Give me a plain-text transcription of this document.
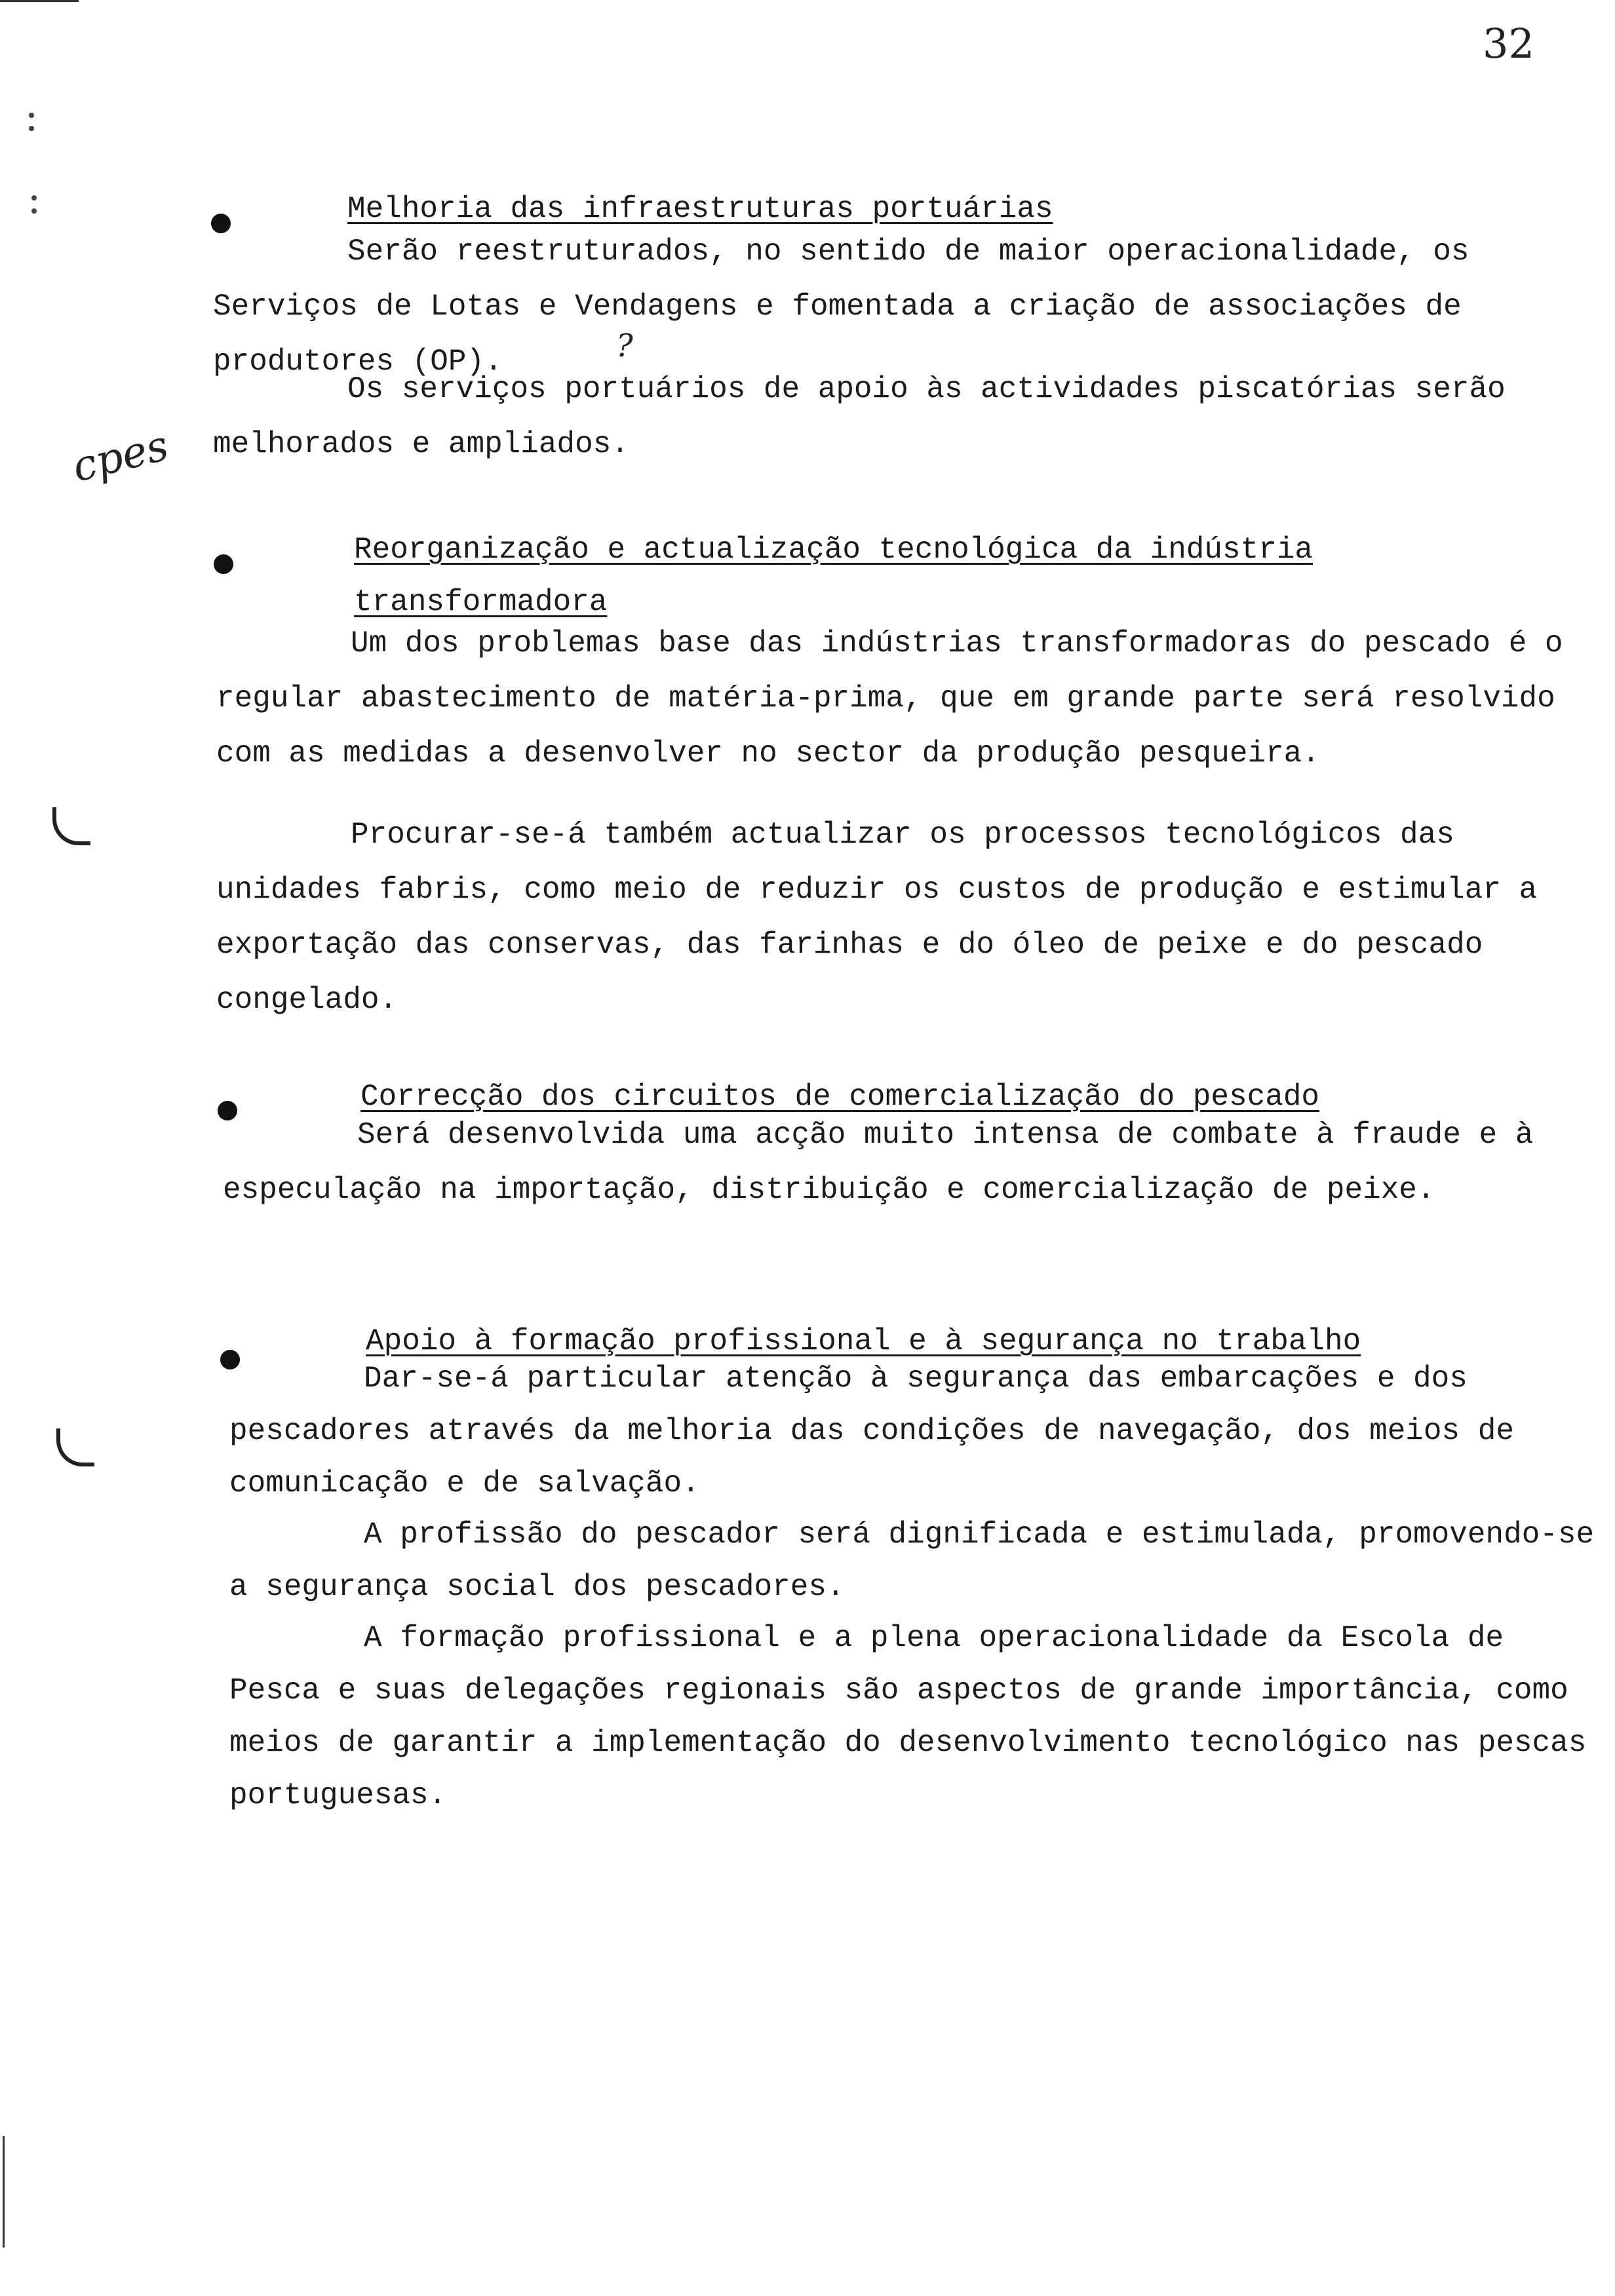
32
Melhoria das infraestruturas portuárias
Serão reestruturados, no sentido de maior operacionalidade, os Serviços de Lotas e Vendagens e fomentada a criação de associações de produtores (OP).	?
Os serviços portuários de apoio às actividades piscatórias serão melhorados e ampliados.
cpes
Reorganização e actualização tecnológica da indústria
transformadora
Um dos problemas base das indústrias transformadoras do pescado é o regular abastecimento de matéria-prima, que em grande parte será resolvido com as medidas a desenvolver no sector da produção pesqueira.
Procurar-se-á também actualizar os processos tecnológicos das unidades fabris, como meio de reduzir os custos de produção e estimular a exportação das conservas, das farinhas e do óleo de peixe e do pescado congelado.
Correcção dos circuitos de comercialização do pescado
Será desenvolvida uma acção muito intensa de combate à fraude e à especulação na importação, distribuição e comercialização de peixe.
Apoio à formação profissional e à segurança no trabalho
Dar-se-á particular atenção à segurança das embarcações e dos pescadores através da melhoria das condições de navegação, dos meios de comunicação e de salvação.
A profissão do pescador será dignificada e estimulada, promovendo-se a segurança social dos pescadores.
A formação profissional e a plena operacionalidade da Escola de Pesca e suas delegações regionais são aspectos de grande importância, como meios de garantir a implementação do desenvolvimento tecnológico nas pescas portuguesas.
